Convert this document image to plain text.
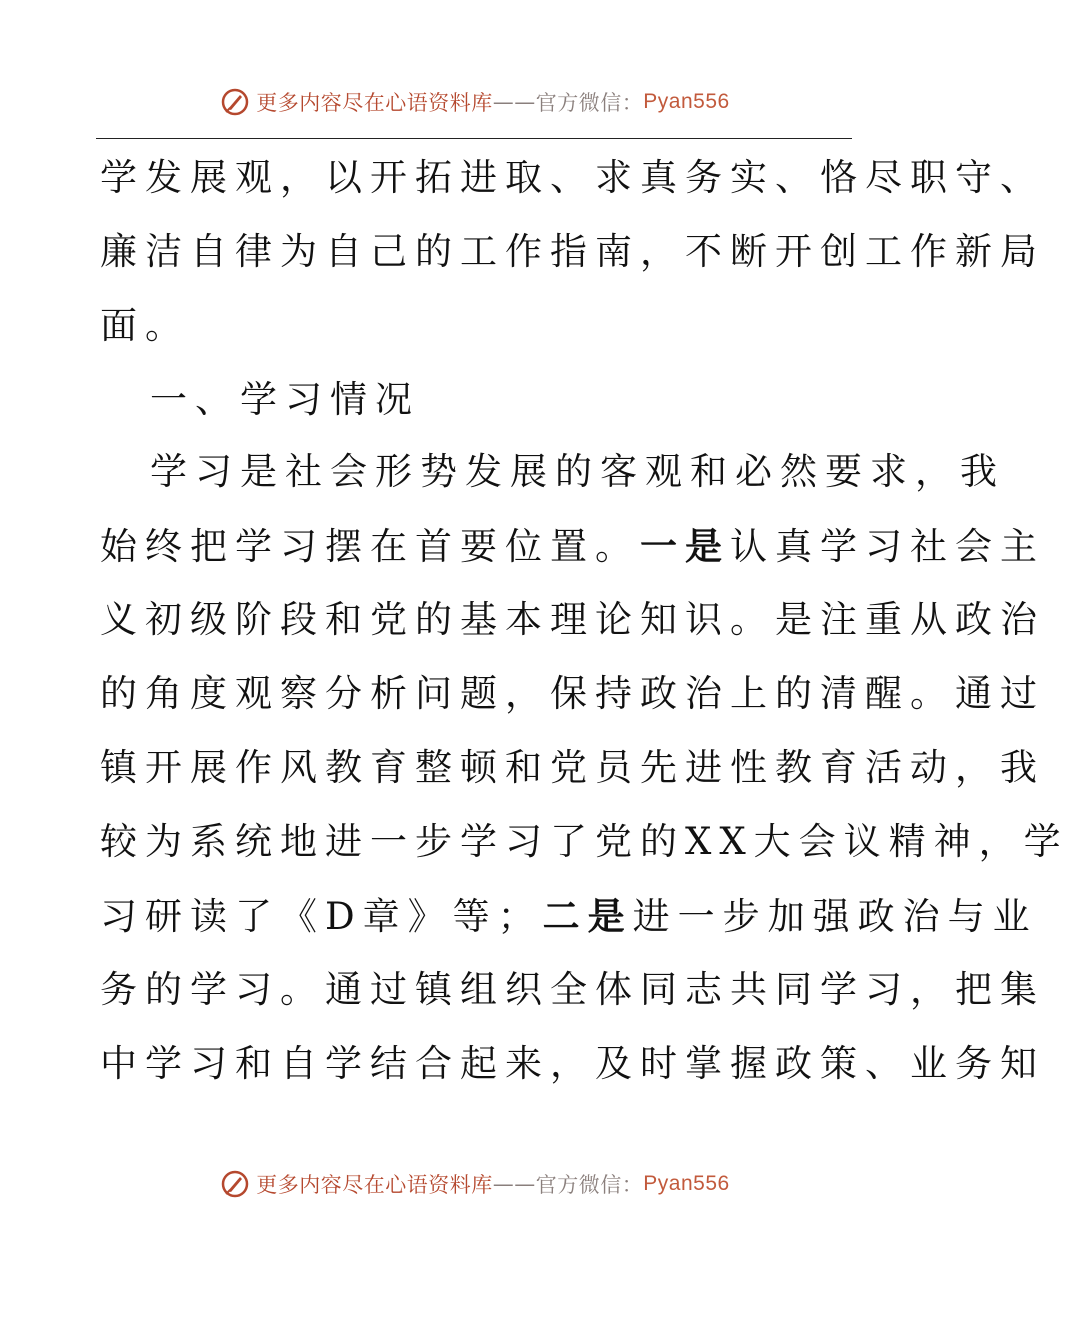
更多内容尽在心语资料库 —— 官方微信： Pyan556
学发展观，以开拓进取、求真务实、恪尽职守、
廉洁自律为自己的工作指南，不断开创工作新局
面。
一、学习情况
学习是社会形势发展的客观和必然要求，我
始终把学习摆在首要位置。一是认真学习社会主
义初级阶段和党的基本理论知识。是注重从政治
的角度观察分析问题，保持政治上的清醒。通过
镇开展作风教育整顿和党员先进性教育活动，我
较为系统地进一步学习了党的XX大会议精神，学
习研读了《D章》等；二是进一步加强政治与业
务的学习。通过镇组织全体同志共同学习，把集
中学习和自学结合起来，及时掌握政策、业务知
更多内容尽在心语资料库 —— 官方微信： Pyan556
